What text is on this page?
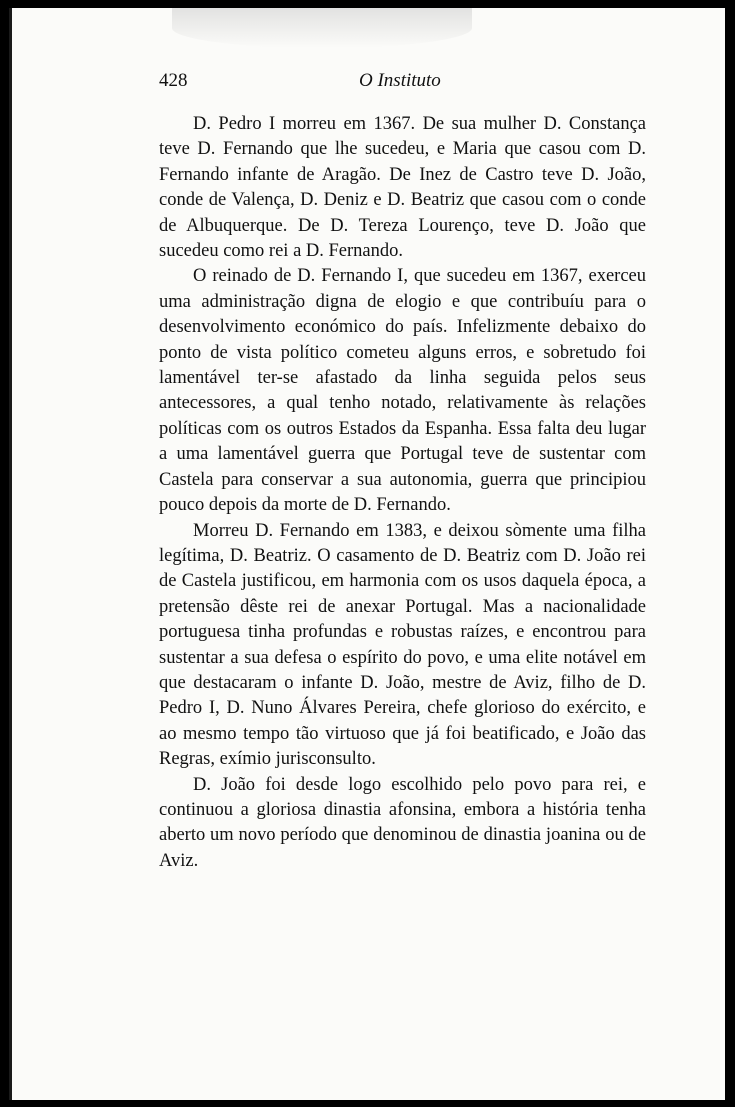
428	O Instituto

D. Pedro I morreu em 1367. De sua mulher D. Constança teve D. Fernando que lhe sucedeu, e Maria que casou com D. Fernando infante de Aragão. De Inez de Castro teve D. João, conde de Valença, D. Deniz e D. Beatriz que casou com o conde de Albuquerque. De D. Tereza Lourenço, teve D. João que sucedeu como rei a D. Fernando.

O reinado de D. Fernando I, que sucedeu em 1367, exerceu uma administração digna de elogio e que contribuíu para o desenvolvimento económico do país. Infelizmente debaixo do ponto de vista político cometeu alguns erros, e sobretudo foi lamentável ter-se afastado da linha seguida pelos seus antecessores, a qual tenho notado, relativamente às relações políticas com os outros Estados da Espanha. Essa falta deu lugar a uma lamentável guerra que Portugal teve de sustentar com Castela para conservar a sua autonomia, guerra que principiou pouco depois da morte de D. Fernando.

Morreu D. Fernando em 1383, e deixou sòmente uma filha legítima, D. Beatriz. O casamento de D. Beatriz com D. João rei de Castela justificou, em harmonia com os usos daquela época, a pretensão dêste rei de anexar Portugal. Mas a nacionalidade portuguesa tinha profundas e robustas raízes, e encontrou para sustentar a sua defesa o espírito do povo, e uma elite notável em que destacaram o infante D. João, mestre de Aviz, filho de D. Pedro I, D. Nuno Álvares Pereira, chefe glorioso do exército, e ao mesmo tempo tão virtuoso que já foi beatificado, e João das Regras, exímio jurisconsulto.

D. João foi desde logo escolhido pelo povo para rei, e continuou a gloriosa dinastia afonsina, embora a história tenha aberto um novo período que denominou de dinastia joanina ou de Aviz.
